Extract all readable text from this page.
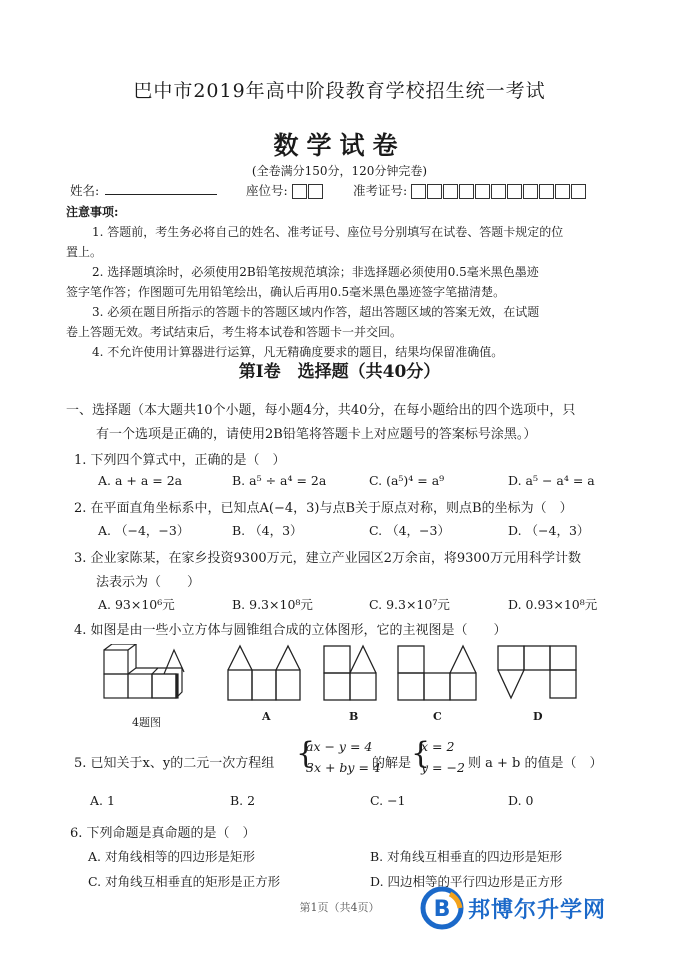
巴中市2019年高中阶段教育学校招生统一考试
数学试卷
(全卷满分150分，120分钟完卷)
姓名:	座位号:	准考证号:
注意事项:
1. 答题前，考生务必将自己的姓名、准考证号、座位号分别填写在试卷、答题卡规定的位
置上。
2. 选择题填涂时，必须使用2B铅笔按规范填涂；非选择题必须使用0.5毫米黑色墨迹
签字笔作答；作图题可先用铅笔绘出，确认后再用0.5毫米黑色墨迹签字笔描清楚。
3. 必须在题目所指示的答题卡的答题区域内作答，超出答题区域的答案无效，在试题
卷上答题无效。考试结束后，考生将本试卷和答题卡一并交回。
4. 不允许使用计算器进行运算，凡无精确度要求的题目，结果均保留准确值。
第Ⅰ卷　选择题（共40分）
一、选择题（本大题共10个小题，每小题4分，共40分，在每小题给出的四个选项中，只
有一个选项是正确的，请使用2B铅笔将答题卡上对应题号的答案标号涂黑。）
1. 下列四个算式中，正确的是（　）
A. a + a = 2a	B. a⁵ ÷ a⁴ = 2a	C. (a⁵)⁴ = a⁹	D. a⁵ − a⁴ = a
2. 在平面直角坐标系中，已知点A(−4，3)与点B关于原点对称，则点B的坐标为（　）
A. （−4，−3）	B. （4，3）	C. （4，−3）	D. （−4，3）
3. 企业家陈某，在家乡投资9300万元，建立产业园区2万余亩，将9300万元用科学计数
法表示为（　　）
A. 93×10⁶元	B. 9.3×10⁸元	C. 9.3×10⁷元	D. 0.93×10⁸元
4. 如图是由一些小立方体与圆锥组合成的立体图形，它的主视图是（　　）
4题图	A	B	C	D
5. 已知关于x、y的二元一次方程组 {
ax − y = 4
3x + by = 4
的解是 {
x = 2
y = −2 则 a + b 的值是（　）
A. 1	B. 2	C. −1	D. 0
6. 下列命题是真命题的是（　）
A. 对角线相等的四边形是矩形	B. 对角线互相垂直的四边形是矩形
C. 对角线互相垂直的矩形是正方形	D. 四边相等的平行四边形是正方形
第1页（共4页）	B 邦博尔升学网
